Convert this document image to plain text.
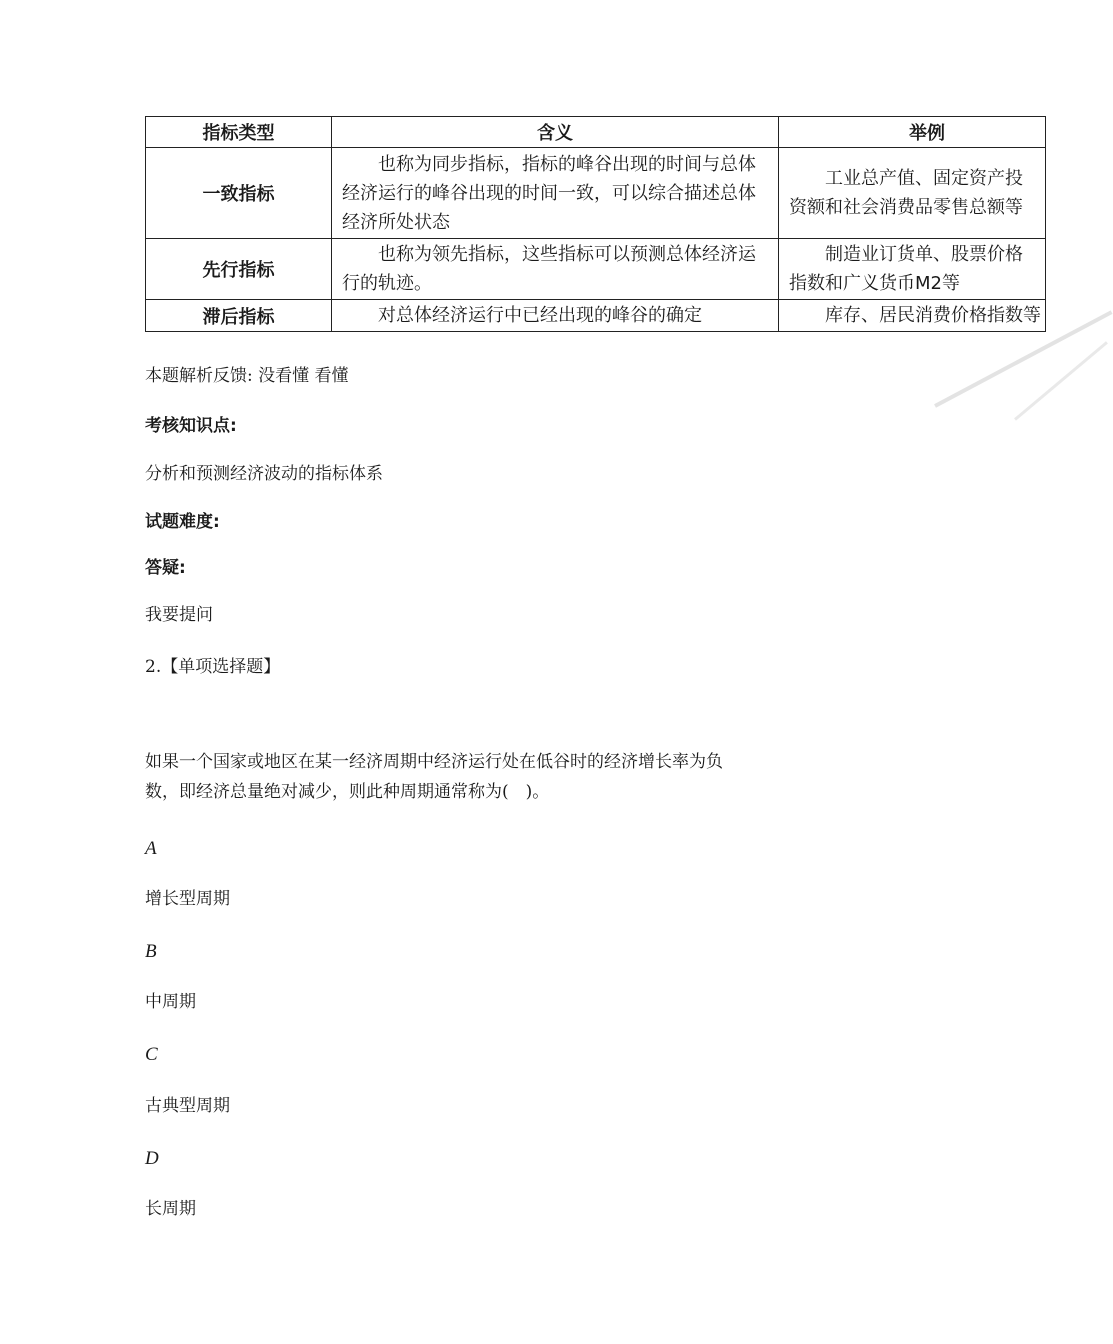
指标类型	含义	举例
一致指标	也称为同步指标，指标的峰谷出现的时间与总体经济运行的峰谷出现的时间一致，可以综合描述总体经济所处状态	工业总产值、固定资产投资额和社会消费品零售总额等
先行指标	也称为领先指标，这些指标可以预测总体经济运行的轨迹。	制造业订货单、股票价格指数和广义货币M2等
滞后指标	对总体经济运行中已经出现的峰谷的确定	库存、居民消费价格指数等

本题解析反馈: 没看懂 看懂

考核知识点:

分析和预测经济波动的指标体系

试题难度:

答疑:

我要提问

2.【单项选择题】

如果一个国家或地区在某一经济周期中经济运行处在低谷时的经济增长率为负

数，即经济总量绝对减少，则此种周期通常称为(　)。

A

增长型周期

B

中周期

C

古典型周期

D

长周期
